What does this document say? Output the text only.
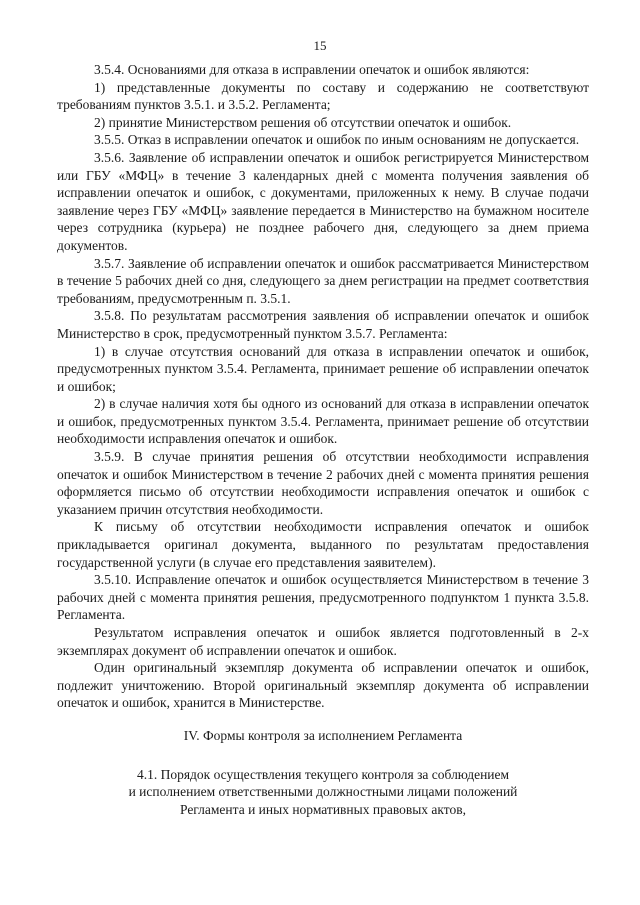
15

3.5.4. Основаниями для отказа в исправлении опечаток и ошибок являются:

1) представленные документы по составу и содержанию не соответствуют требованиям пунктов 3.5.1. и 3.5.2. Регламента;

2) принятие Министерством решения об отсутствии опечаток и ошибок.

3.5.5. Отказ в исправлении опечаток и ошибок по иным основаниям не допускается.

3.5.6. Заявление об исправлении опечаток и ошибок регистрируется Министерством или ГБУ «МФЦ» в течение 3 календарных дней с момента получения заявления об исправлении опечаток и ошибок, с документами, приложенных к нему. В случае подачи заявление через ГБУ «МФЦ» заявление передается в Министерство на бумажном носителе через сотрудника (курьера) не позднее рабочего дня, следующего за днем приема документов.

3.5.7. Заявление об исправлении опечаток и ошибок рассматривается Министерством в течение 5 рабочих дней со дня, следующего за днем регистрации на предмет соответствия требованиям, предусмотренным п. 3.5.1.

3.5.8. По результатам рассмотрения заявления об исправлении опечаток и ошибок Министерство в срок, предусмотренный пунктом 3.5.7. Регламента:

1) в случае отсутствия оснований для отказа в исправлении опечаток и ошибок, предусмотренных пунктом 3.5.4. Регламента, принимает решение об исправлении опечаток и ошибок;

2) в случае наличия хотя бы одного из оснований для отказа в исправлении опечаток и ошибок, предусмотренных пунктом 3.5.4. Регламента, принимает решение об отсутствии необходимости исправления опечаток и ошибок.

3.5.9. В случае принятия решения об отсутствии необходимости исправления опечаток и ошибок Министерством в течение 2 рабочих дней с момента принятия решения оформляется письмо об отсутствии необходимости исправления опечаток и ошибок с указанием причин отсутствия необходимости.

К письму об отсутствии необходимости исправления опечаток и ошибок прикладывается оригинал документа, выданного по результатам предоставления государственной услуги (в случае его представления заявителем).

3.5.10. Исправление опечаток и ошибок осуществляется Министерством в течение 3 рабочих дней с момента принятия решения, предусмотренного подпунктом 1 пункта 3.5.8. Регламента.

Результатом исправления опечаток и ошибок является подготовленный в 2-х экземплярах документ об исправлении опечаток и ошибок.

Один оригинальный экземпляр документа об исправлении опечаток и ошибок, подлежит уничтожению. Второй оригинальный экземпляр документа об исправлении опечаток и ошибок, хранится в Министерстве.

IV. Формы контроля за исполнением Регламента

4.1. Порядок осуществления текущего контроля за соблюдением

и исполнением ответственными должностными лицами положений

Регламента и иных нормативных правовых актов,
